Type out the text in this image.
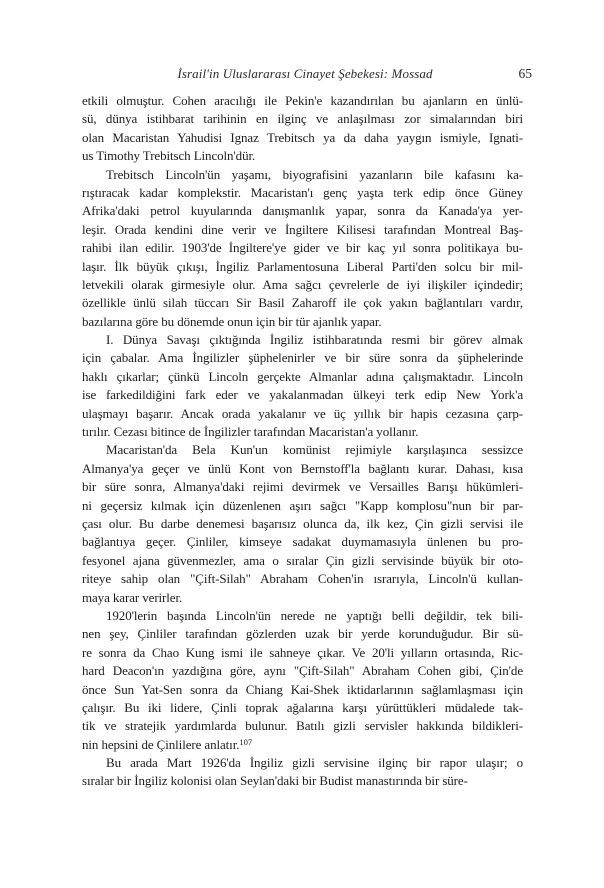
İsrail'in Uluslararası Cinayet Şebekesi: Mossad	65
etkili olmuştur. Cohen aracılığı ile Pekin'e kazandırılan bu ajanların en ünlü-
sü, dünya istihbarat tarihinin en ilginç ve anlaşılması zor simalarından biri
olan Macaristan Yahudisi Ignaz Trebitsch ya da daha yaygın ismiyle, Ignati-
us Timothy Trebitsch Lincoln'dür.
Trebitsch Lincoln'ün yaşamı, biyografisini yazanların bile kafasını ka-
rıştıracak kadar komplekstir. Macaristan'ı genç yaşta terk edip önce Güney
Afrika'daki petrol kuyularında danışmanlık yapar, sonra da Kanada'ya yer-
leşir. Orada kendini dine verir ve İngiltere Kilisesi tarafından Montreal Baş-
rahibi ilan edilir. 1903'de İngiltere'ye gider ve bir kaç yıl sonra politikaya bu-
laşır. İlk büyük çıkışı, İngiliz Parlamentosuna Liberal Parti'den solcu bir mil-
letvekili olarak girmesiyle olur. Ama sağcı çevrelerle de iyi ilişkiler içindedir;
özellikle ünlü silah tüccarı Sir Basil Zaharoff ile çok yakın bağlantıları vardır,
bazılarına göre bu dönemde onun için bir tür ajanlık yapar.
I. Dünya Savaşı çıktığında İngiliz istihbaratında resmi bir görev almak
için çabalar. Ama İngilizler şüphelenirler ve bir süre sonra da şüphelerinde
haklı çıkarlar; çünkü Lincoln gerçekte Almanlar adına çalışmaktadır. Lincoln
ise farkedildiğini fark eder ve yakalanmadan ülkeyi terk edip New York'a
ulaşmayı başarır. Ancak orada yakalanır ve üç yıllık bir hapis cezasına çarp-
tırılır. Cezası bitince de İngilizler tarafından Macaristan'a yollanır.
Macaristan'da Bela Kun'un komünist rejimiyle karşılaşınca sessizce
Almanya'ya geçer ve ünlü Kont von Bernstoff'la bağlantı kurar. Dahası, kısa
bir süre sonra, Almanya'daki rejimi devirmek ve Versailles Barışı hükümleri-
ni geçersiz kılmak için düzenlenen aşırı sağcı "Kapp komplosu"nun bir par-
çası olur. Bu darbe denemesi başarısız olunca da, ilk kez, Çin gizli servisi ile
bağlantıya geçer. Çinliler, kimseye sadakat duymamasıyla ünlenen bu pro-
fesyonel ajana güvenmezler, ama o sıralar Çin gizli servisinde büyük bir oto-
riteye sahip olan "Çift-Silah" Abraham Cohen'in ısrarıyla, Lincoln'ü kullan-
maya karar verirler.
1920'lerin başında Lincoln'ün nerede ne yaptığı belli değildir, tek bili-
nen şey, Çinliler tarafından gözlerden uzak bir yerde korunduğudur. Bir sü-
re sonra da Chao Kung ismi ile sahneye çıkar. Ve 20'li yılların ortasında, Ric-
hard Deacon'ın yazdığına göre, aynı "Çift-Silah" Abraham Cohen gibi, Çin'de
önce Sun Yat-Sen sonra da Chiang Kai-Shek iktidarlarının sağlamlaşması için
çalışır. Bu iki lidere, Çinli toprak ağalarına karşı yürüttükleri müdalede tak-
tik ve stratejik yardımlarda bulunur. Batılı gizli servisler hakkında bildikleri-
nin hepsini de Çinlilere anlatır.$^{107}$
Bu arada Mart 1926'da İngiliz gizli servisine ilginç bir rapor ulaşır; o
sıralar bir İngiliz kolonisi olan Seylan'daki bir Budist manastırında bir süre-
